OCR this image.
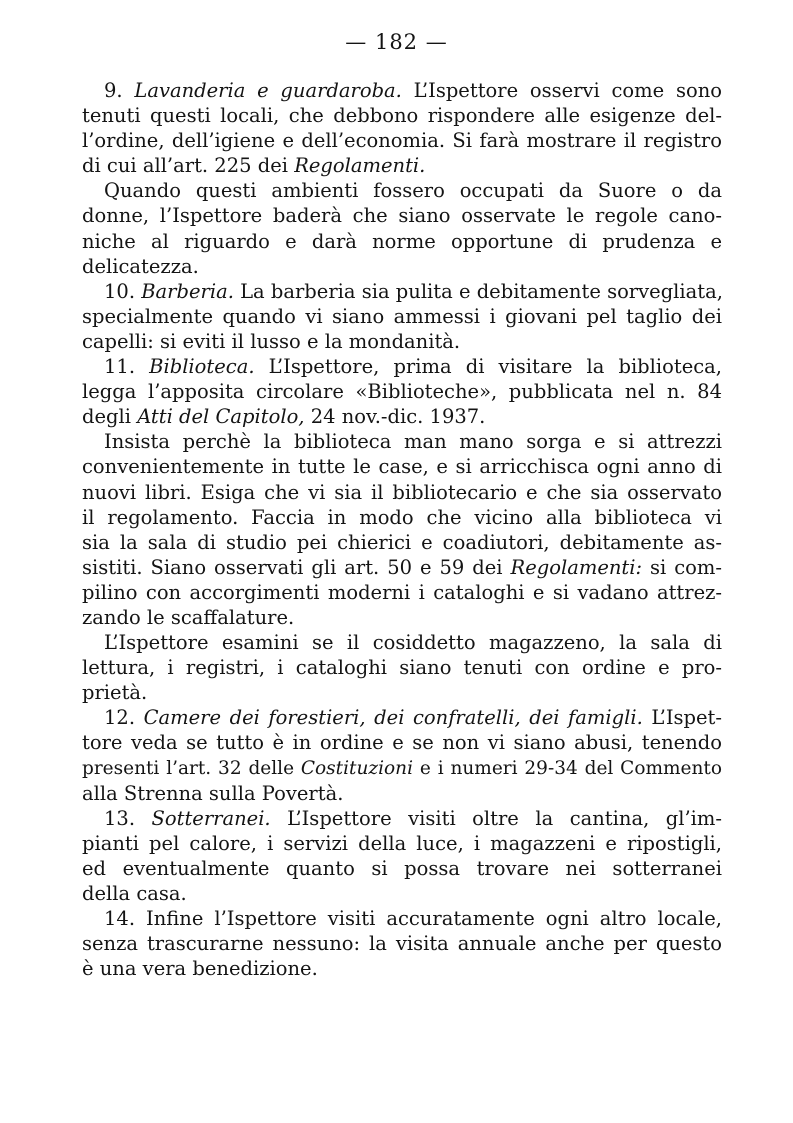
— 182 —
9. Lavanderia e guardaroba. L’Ispettore osservi come sono
tenuti questi locali, che debbono rispondere alle esigenze del-
l’ordine, dell’igiene e dell’economia. Si farà mostrare il registro
di cui all’art. 225 dei Regolamenti.
Quando questi ambienti fossero occupati da Suore o da
donne, l’Ispettore baderà che siano osservate le regole cano-
niche al riguardo e darà norme opportune di prudenza e
delicatezza.
10. Barberia. La barberia sia pulita e debitamente sorvegliata,
specialmente quando vi siano ammessi i giovani pel taglio dei
capelli: si eviti il lusso e la mondanità.
11. Biblioteca. L’Ispettore, prima di visitare la biblioteca,
legga l’apposita circolare «Biblioteche», pubblicata nel n. 84
degli Atti del Capitolo, 24 nov.-dic. 1937.
Insista perchè la biblioteca man mano sorga e si attrezzi
convenientemente in tutte le case, e si arricchisca ogni anno di
nuovi libri. Esiga che vi sia il bibliotecario e che sia osservato
il regolamento. Faccia in modo che vicino alla biblioteca vi
sia la sala di studio pei chierici e coadiutori, debitamente as-
sistiti. Siano osservati gli art. 50 e 59 dei Regolamenti: si com-
pilino con accorgimenti moderni i cataloghi e si vadano attrez-
zando le scaffalature.
L’Ispettore esamini se il cosiddetto magazzeno, la sala di
lettura, i registri, i cataloghi siano tenuti con ordine e pro-
prietà.
12. Camere dei forestieri, dei confratelli, dei famigli. L’Ispet-
tore veda se tutto è in ordine e se non vi siano abusi, tenendo
presenti l’art. 32 delle Costituzioni e i numeri 29-34 del Commento
alla Strenna sulla Povertà.
13. Sotterranei. L’Ispettore visiti oltre la cantina, gl’im-
pianti pel calore, i servizi della luce, i magazzeni e ripostigli,
ed eventualmente quanto si possa trovare nei sotterranei
della casa.
14. Infine l’Ispettore visiti accuratamente ogni altro locale,
senza trascurarne nessuno: la visita annuale anche per questo
è una vera benedizione.
